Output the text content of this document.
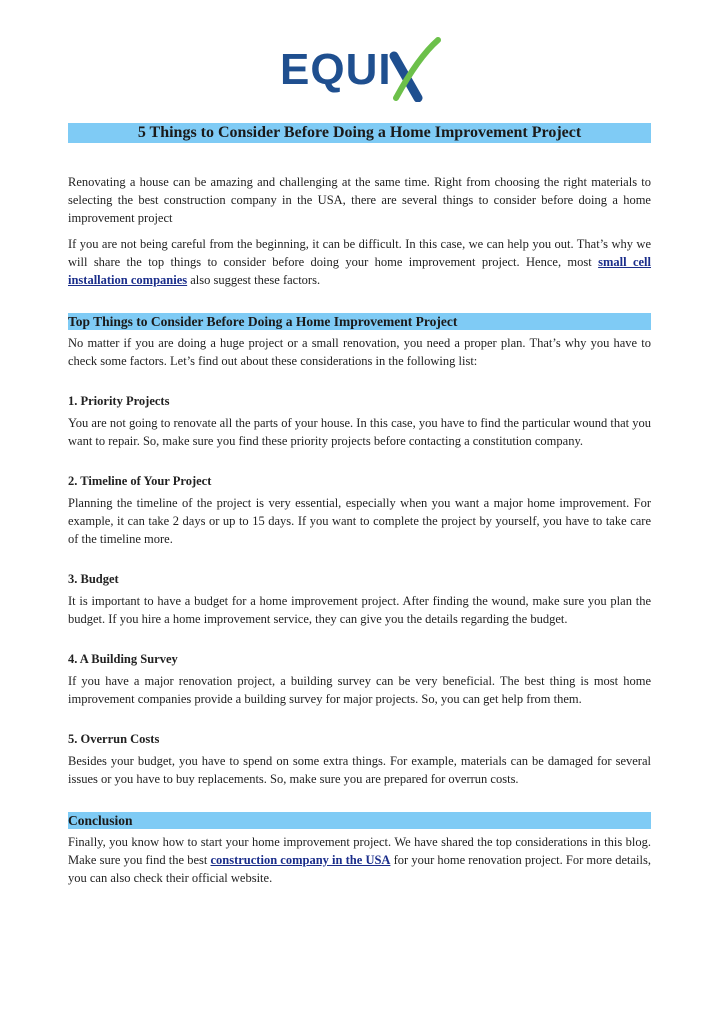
EQUI
5 Things to Consider Before Doing a Home Improvement Project

Renovating a house can be amazing and challenging at the same time. Right from choosing the right materials to selecting the best construction company in the USA, there are several things to consider before doing a home improvement project

If you are not being careful from the beginning, it can be difficult. In this case, we can help you out. That’s why we will share the top things to consider before doing your home improvement project. Hence, most small cell installation companies also suggest these factors.

Top Things to Consider Before Doing a Home Improvement Project

No matter if you are doing a huge project or a small renovation, you need a proper plan. That’s why you have to check some factors. Let’s find out about these considerations in the following list:

1. Priority Projects

You are not going to renovate all the parts of your house. In this case, you have to find the particular wound that you want to repair. So, make sure you find these priority projects before contacting a constitution company.

2. Timeline of Your Project

Planning the timeline of the project is very essential, especially when you want a major home improvement. For example, it can take 2 days or up to 15 days. If you want to complete the project by yourself, you have to take care of the timeline more.

3. Budget

It is important to have a budget for a home improvement project. After finding the wound, make sure you plan the budget. If you hire a home improvement service, they can give you the details regarding the budget.

4. A Building Survey

If you have a major renovation project, a building survey can be very beneficial. The best thing is most home improvement companies provide a building survey for major projects. So, you can get help from them.

5. Overrun Costs

Besides your budget, you have to spend on some extra things. For example, materials can be damaged for several issues or you have to buy replacements. So, make sure you are prepared for overrun costs.

Conclusion

Finally, you know how to start your home improvement project. We have shared the top considerations in this blog. Make sure you find the best construction company in the USA for your home renovation project. For more details, you can also check their official website.
